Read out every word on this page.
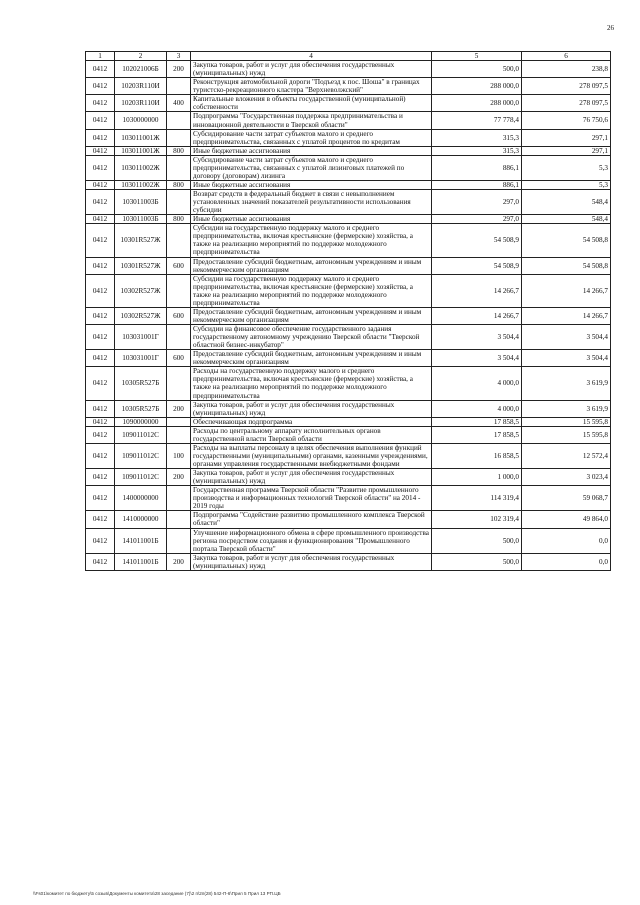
26
1	2	3	4	5	6
0412	102021006Б	200	Закупка товаров, работ и услуг для обеспечения государственных (муниципальных) нужд	500,0	238,8
0412	10203R110И		Реконструкция автомобильной дороги "Подъезд к пос. Шоша" в границах туристско-рекреационного кластера "Верхневолжский"	288 000,0	278 097,5
0412	10203R110И	400	Капитальные вложения в объекты государственной (муниципальной) собственности	288 000,0	278 097,5
0412	1030000000		Подпрограмма "Государственная поддержка предпринимательства и инновационной деятельности в Тверской области"	77 778,4	76 750,6
0412	103011001Ж		Субсидирование части затрат субъектов малого и среднего предпринимательства, связанных с уплатой процентов по кредитам	315,3	297,1
0412	103011001Ж	800	Иные бюджетные ассигнования	315,3	297,1
0412	103011002Ж		Субсидирование части затрат субъектов малого и среднего предпринимательства, связанных с уплатой лизинговых платежей по договору (договорам) лизинга	886,1	5,3
0412	103011002Ж	800	Иные бюджетные ассигнования	886,1	5,3
0412	103011003Б		Возврат средств в федеральный бюджет в связи с невыполнением установленных значений показателей результативности использования субсидии	297,0	548,4
0412	103011003Б	800	Иные бюджетные ассигнования	297,0	548,4
0412	10301R527Ж		Субсидии на государственную поддержку малого и среднего предпринимательства, включая крестьянские (фермерские) хозяйства, а также на реализацию мероприятий по поддержке молодежного предпринимательства	54 508,9	54 508,8
0412	10301R527Ж	600	Предоставление субсидий бюджетным, автономным учреждениям и иным некоммерческим организациям	54 508,9	54 508,8
0412	10302R527Ж		Субсидии на государственную поддержку малого и среднего предпринимательства, включая крестьянские (фермерские) хозяйства, а также на реализацию мероприятий по поддержке молодежного предпринимательства	14 266,7	14 266,7
0412	10302R527Ж	600	Предоставление субсидий бюджетным, автономным учреждениям и иным некоммерческим организациям	14 266,7	14 266,7
0412	103031001Г		Субсидии на финансовое обеспечение государственного задания государственному автономному учреждению Тверской области "Тверской областной бизнес-инкубатор"	3 504,4	3 504,4
0412	103031001Г	600	Предоставление субсидий бюджетным, автономным учреждениям и иным некоммерческим организациям	3 504,4	3 504,4
0412	10305R527Б		Расходы на государственную поддержку малого и среднего предпринимательства, включая крестьянские (фермерские) хозяйства, а также на реализацию мероприятий по поддержке молодежного предпринимательства	4 000,0	3 619,9
0412	10305R527Б	200	Закупка товаров, работ и услуг для обеспечения государственных (муниципальных) нужд	4 000,0	3 619,9
0412	1090000000		Обеспечивающая подпрограмма	17 858,5	15 595,8
0412	109011012С		Расходы по центральному аппарату исполнительных органов государственной власти Тверской области	17 858,5	15 595,8
0412	109011012С	100	Расходы на выплаты персоналу в целях обеспечения выполнения функций государственными (муниципальными) органами, казенными учреждениями, органами управления государственными внебюджетными фондами	16 858,5	12 572,4
0412	109011012С	200	Закупка товаров, работ и услуг для обеспечения государственных (муниципальных) нужд	1 000,0	3 023,4
0412	1400000000		Государственная программа Тверской области "Развитие промышленного производства и информационных технологий Тверской области" на 2014 - 2019 годы	114 319,4	59 068,7
0412	1410000000		Подпрограмма "Содействие развитию промышленного комплекса Тверской области"	102 319,4	49 864,0
0412	141011001Б		Улучшение информационного обмена в сфере промышленного производства региона посредством создания и функционирования "Промышленного портала Тверской области"	500,0	0,0
0412	141011001Б	200	Закупка товаров, работ и услуг для обеспечения государственных (муниципальных) нужд	500,0	0,0
\\Fs01\комитет по бюджету\5 созыв\Документы комитета\28 заседание (7)\2 п\2п(28) 542-П-6\Прил 5 Прил 13 РП.ЦБ
